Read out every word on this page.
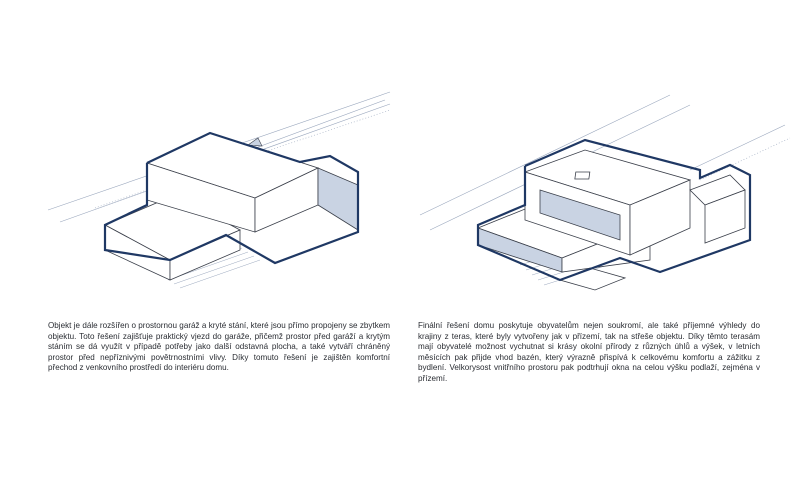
Objekt je dále rozšířen o prostornou garáž a kryté stání, které jsou přímo propojeny se zbytkem objektu. Toto řešení zajišťuje praktický vjezd do garáže, přičemž prostor před garáží a krytým stáním se dá využít v případě potřeby jako další odstavná plocha, a také vytváří chráněný prostor před nepříznivými povětrnostními vlivy. Díky tomuto řešení je zajištěn komfortní přechod z venkovního prostředí do interiéru domu.

Finální řešení domu poskytuje obyvatelům nejen soukromí, ale také příjemné výhledy do krajiny z teras, které byly vytvořeny jak v přízemí, tak na střeše objektu. Díky těmto terasám mají obyvatelé možnost vychutnat si krásy okolní přírody z různých úhlů a výšek, v letních měsících pak přijde vhod bazén, který výrazně přispívá k celkovému komfortu a zážitku z bydlení. Velkorysost vnitřního prostoru pak podtrhují okna na celou výšku podlaží, zejména v přízemí.
